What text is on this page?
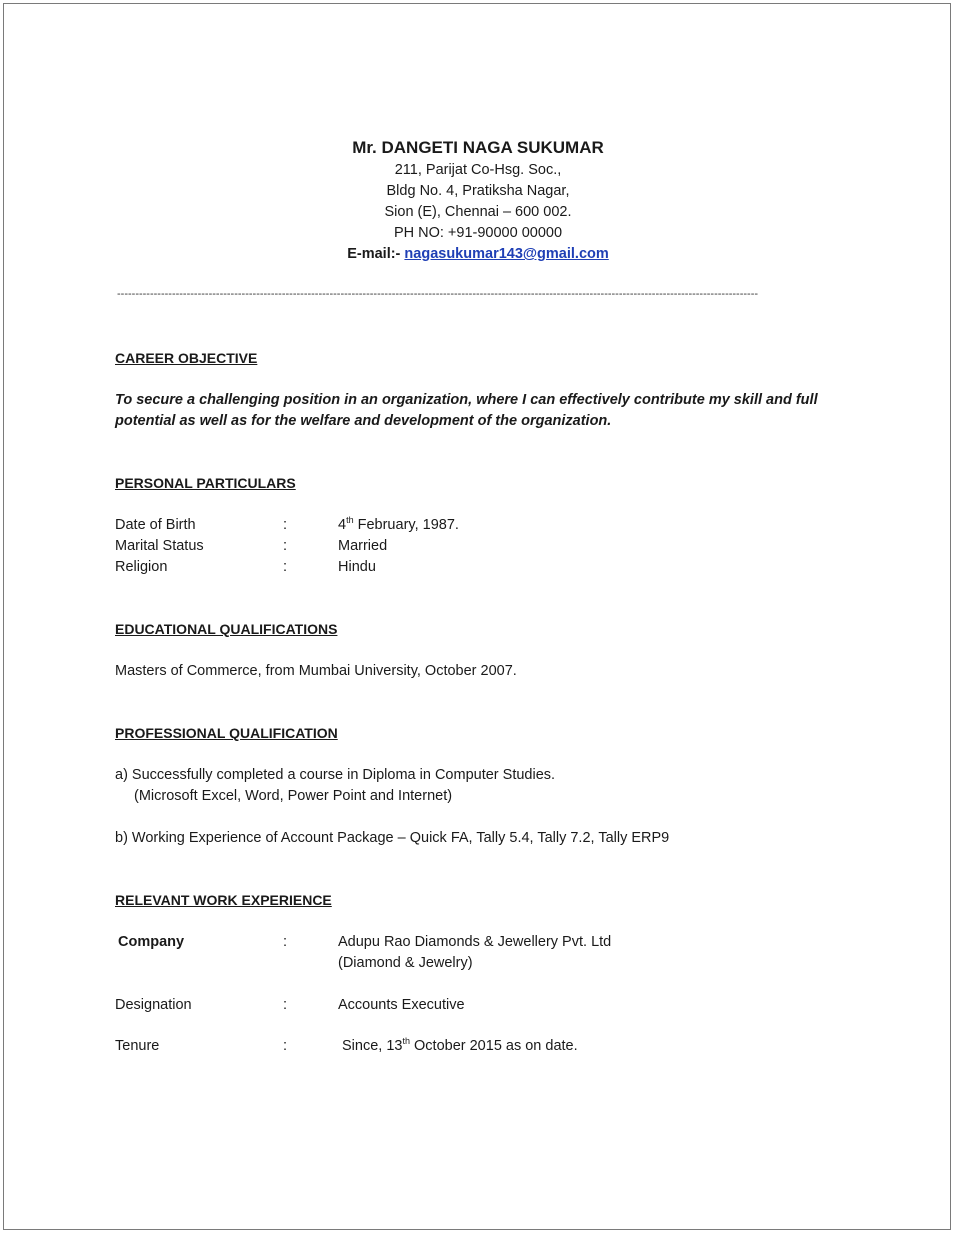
Mr. DANGETI NAGA SUKUMAR
211, Parijat Co-Hsg. Soc.,
Bldg No. 4, Pratiksha Nagar,
Sion (E), Chennai – 600 002.
PH NO: +91-90000 00000
E-mail:- nagasukumar143@gmail.com
-------------------------------------------------------------------------------------------------------------------------------------------------------------------------------
CAREER OBJECTIVE
To secure a challenging position in an organization, where I can effectively contribute my skill and full
potential as well as for the welfare and development of the organization.
PERSONAL PARTICULARS
Date of Birth	:	4th February, 1987.
Marital Status	:	Married
Religion	:	Hindu
EDUCATIONAL QUALIFICATIONS
Masters of Commerce, from Mumbai University, October 2007.
PROFESSIONAL QUALIFICATION
a) Successfully completed a course in Diploma in Computer Studies.
(Microsoft Excel, Word, Power Point and Internet)
b) Working Experience of Account Package – Quick FA, Tally 5.4, Tally 7.2, Tally ERP9
RELEVANT WORK EXPERIENCE
Company	:	Adupu Rao Diamonds & Jewellery Pvt. Ltd
(Diamond & Jewelry)
Designation	:	Accounts Executive
Tenure	:	Since, 13th October 2015 as on date.
